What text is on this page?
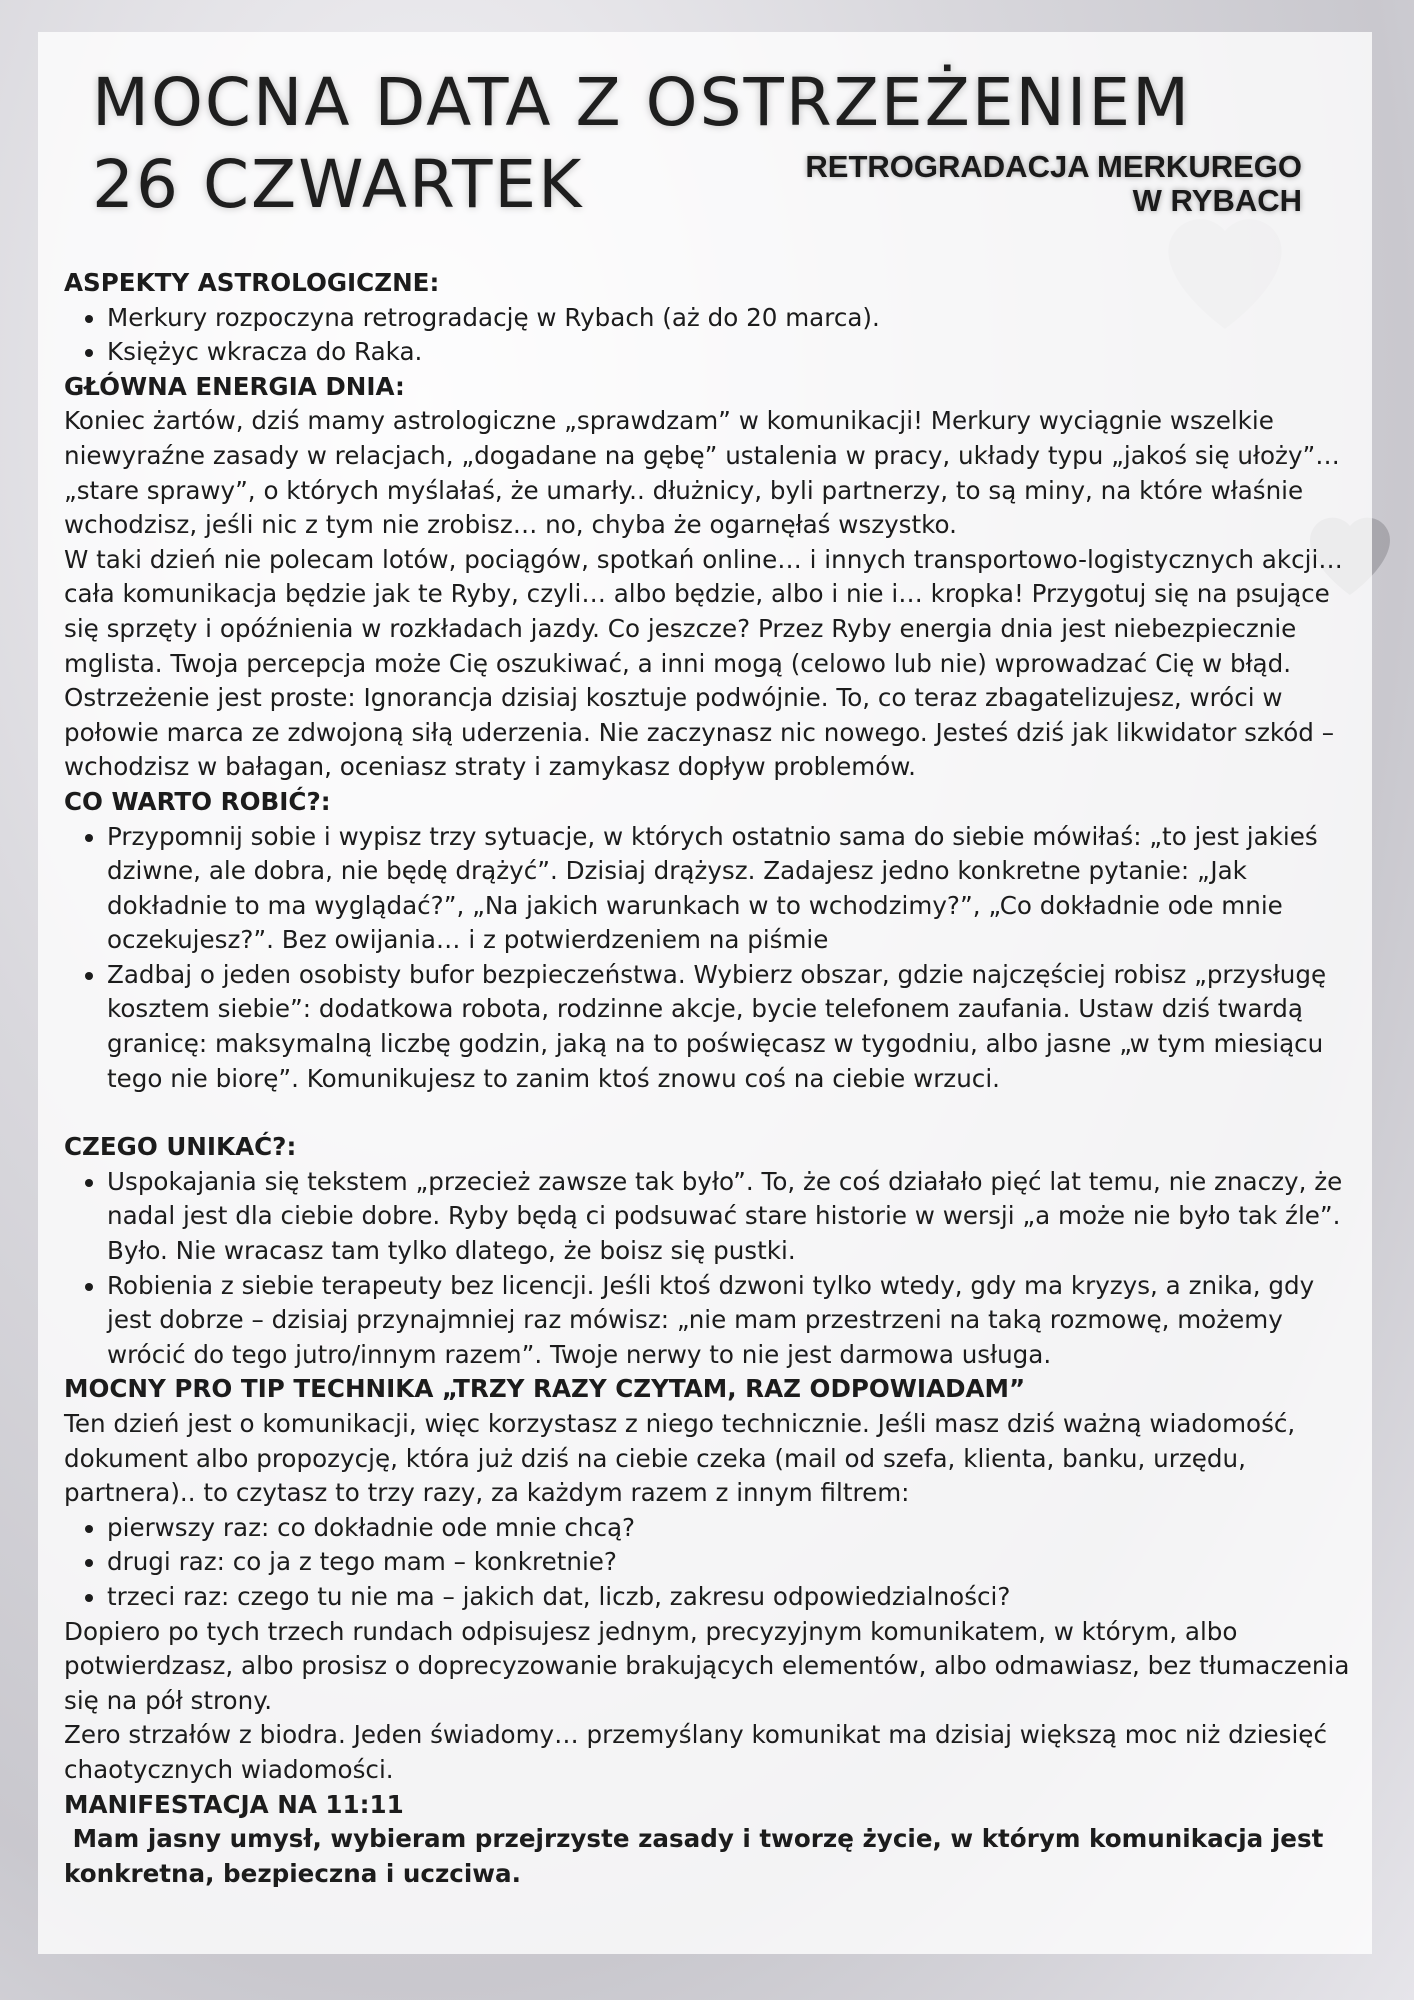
MOCNA DATA Z OSTRZEŻENIEM
26 CZWARTEK	RETROGRADACJA MERKUREGO
W RYBACH
ASPEKTY ASTROLOGICZNE:
• Merkury rozpoczyna retrogradację w Rybach (aż do 20 marca).
• Księżyc wkracza do Raka.
GŁÓWNA ENERGIA DNIA:

Koniec żartów, dziś mamy astrologiczne „sprawdzam” w komunikacji! Merkury wyciągnie wszelkie niewyraźne zasady w relacjach, „dogadane na gębę” ustalenia w pracy, układy typu „jakoś się ułoży”… „stare sprawy”, o których myślałaś, że umarły.. dłużnicy, byli partnerzy, to są miny, na które właśnie wchodzisz, jeśli nic z tym nie zrobisz… no, chyba że ogarnęłaś wszystko.

W taki dzień nie polecam lotów, pociągów, spotkań online… i innych transportowo-logistycznych akcji… cała komunikacja będzie jak te Ryby, czyli… albo będzie, albo i nie i… kropka! Przygotuj się na psujące się sprzęty i opóźnienia w rozkładach jazdy. Co jeszcze? Przez Ryby energia dnia jest niebezpiecznie mglista. Twoja percepcja może Cię oszukiwać, a inni mogą (celowo lub nie) wprowadzać Cię w błąd.

Ostrzeżenie jest proste: Ignorancja dzisiaj kosztuje podwójnie. To, co teraz zbagatelizujesz, wróci w połowie marca ze zdwojoną siłą uderzenia. Nie zaczynasz nic nowego. Jesteś dziś jak likwidator szkód – wchodzisz w bałagan, oceniasz straty i zamykasz dopływ problemów.

CO WARTO ROBIĆ?:
• Przypomnij sobie i wypisz trzy sytuacje, w których ostatnio sama do siebie mówiłaś: „to jest jakieś dziwne, ale dobra, nie będę drążyć”. Dzisiaj drążysz. Zadajesz jedno konkretne pytanie: „Jak dokładnie to ma wyglądać?”, „Na jakich warunkach w to wchodzimy?”, „Co dokładnie ode mnie oczekujesz?”. Bez owijania… i z potwierdzeniem na piśmie
• Zadbaj o jeden osobisty bufor bezpieczeństwa. Wybierz obszar, gdzie najczęściej robisz „przysługę kosztem siebie”: dodatkowa robota, rodzinne akcje, bycie telefonem zaufania. Ustaw dziś twardą granicę: maksymalną liczbę godzin, jaką na to poświęcasz w tygodniu, albo jasne „w tym miesiącu tego nie biorę”. Komunikujesz to zanim ktoś znowu coś na ciebie wrzuci.
CZEGO UNIKAĆ?:
• Uspokajania się tekstem „przecież zawsze tak było”. To, że coś działało pięć lat temu, nie znaczy, że nadal jest dla ciebie dobre. Ryby będą ci podsuwać stare historie w wersji „a może nie było tak źle”. Było. Nie wracasz tam tylko dlatego, że boisz się pustki.
• Robienia z siebie terapeuty bez licencji. Jeśli ktoś dzwoni tylko wtedy, gdy ma kryzys, a znika, gdy jest dobrze – dzisiaj przynajmniej raz mówisz: „nie mam przestrzeni na taką rozmowę, możemy wrócić do tego jutro/innym razem”. Twoje nerwy to nie jest darmowa usługa.
MOCNY PRO TIP TECHNIKA „TRZY RAZY CZYTAM, RAZ ODPOWIADAM”

Ten dzień jest o komunikacji, więc korzystasz z niego technicznie. Jeśli masz dziś ważną wiadomość, dokument albo propozycję, która już dziś na ciebie czeka (mail od szefa, klienta, banku, urzędu, partnera).. to czytasz to trzy razy, za każdym razem z innym filtrem:

• pierwszy raz: co dokładnie ode mnie chcą?
• drugi raz: co ja z tego mam – konkretnie?
• trzeci raz: czego tu nie ma – jakich dat, liczb, zakresu odpowiedzialności?

Dopiero po tych trzech rundach odpisujesz jednym, precyzyjnym komunikatem, w którym, albo potwierdzasz, albo prosisz o doprecyzowanie brakujących elementów, albo odmawiasz, bez tłumaczenia się na pół strony.

Zero strzałów z biodra. Jeden świadomy… przemyślany komunikat ma dzisiaj większą moc niż dziesięć chaotycznych wiadomości.

MANIFESTACJA NA 11:11

Mam jasny umysł, wybieram przejrzyste zasady i tworzę życie, w którym komunikacja jest konkretna, bezpieczna i uczciwa.
